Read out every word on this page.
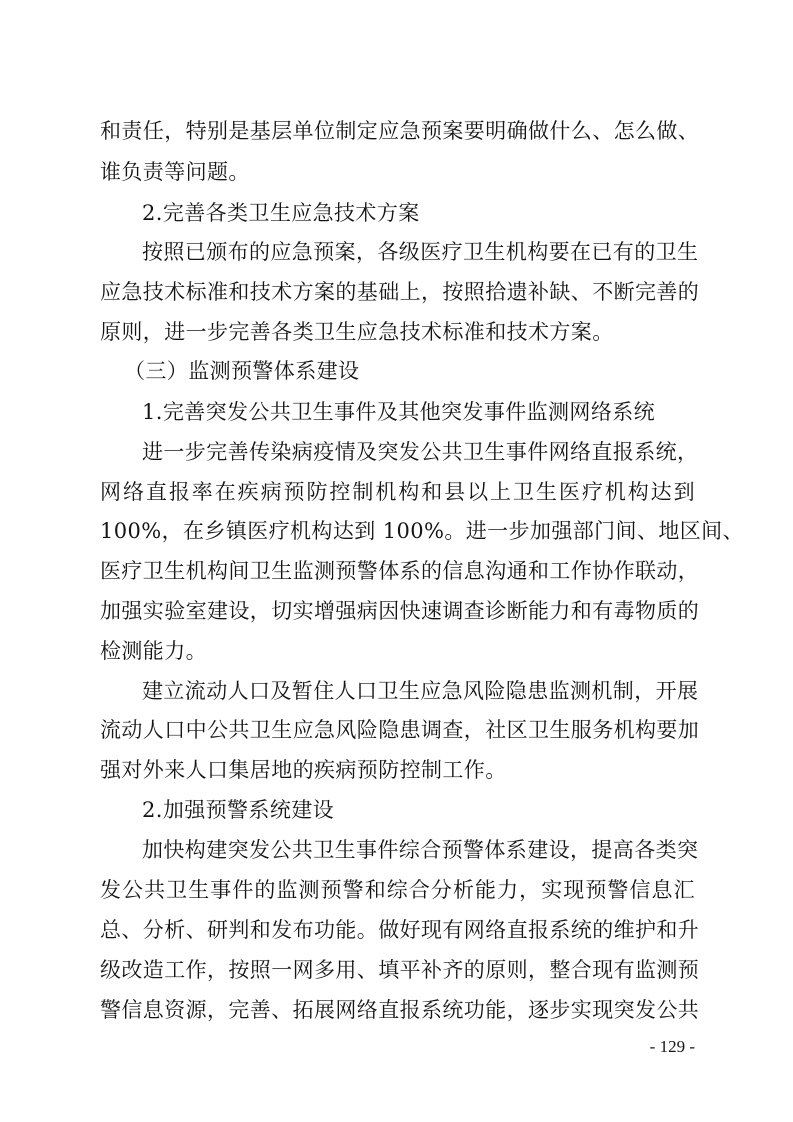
和责任，特别是基层单位制定应急预案要明确做什么、怎么做、
谁负责等问题。
2.完善各类卫生应急技术方案
按照已颁布的应急预案，各级医疗卫生机构要在已有的卫生
应急技术标准和技术方案的基础上，按照拾遗补缺、不断完善的
原则，进一步完善各类卫生应急技术标准和技术方案。
（三）监测预警体系建设
1.完善突发公共卫生事件及其他突发事件监测网络系统
进一步完善传染病疫情及突发公共卫生事件网络直报系统，
网络直报率在疾病预防控制机构和县以上卫生医疗机构达到
100%，在乡镇医疗机构达到 100%。进一步加强部门间、地区间、
医疗卫生机构间卫生监测预警体系的信息沟通和工作协作联动，
加强实验室建设，切实增强病因快速调查诊断能力和有毒物质的
检测能力。
建立流动人口及暂住人口卫生应急风险隐患监测机制，开展
流动人口中公共卫生应急风险隐患调查，社区卫生服务机构要加
强对外来人口集居地的疾病预防控制工作。
2.加强预警系统建设
加快构建突发公共卫生事件综合预警体系建设，提高各类突
发公共卫生事件的监测预警和综合分析能力，实现预警信息汇
总、分析、研判和发布功能。做好现有网络直报系统的维护和升
级改造工作，按照一网多用、填平补齐的原则，整合现有监测预
警信息资源，完善、拓展网络直报系统功能，逐步实现突发公共
- 129 -
